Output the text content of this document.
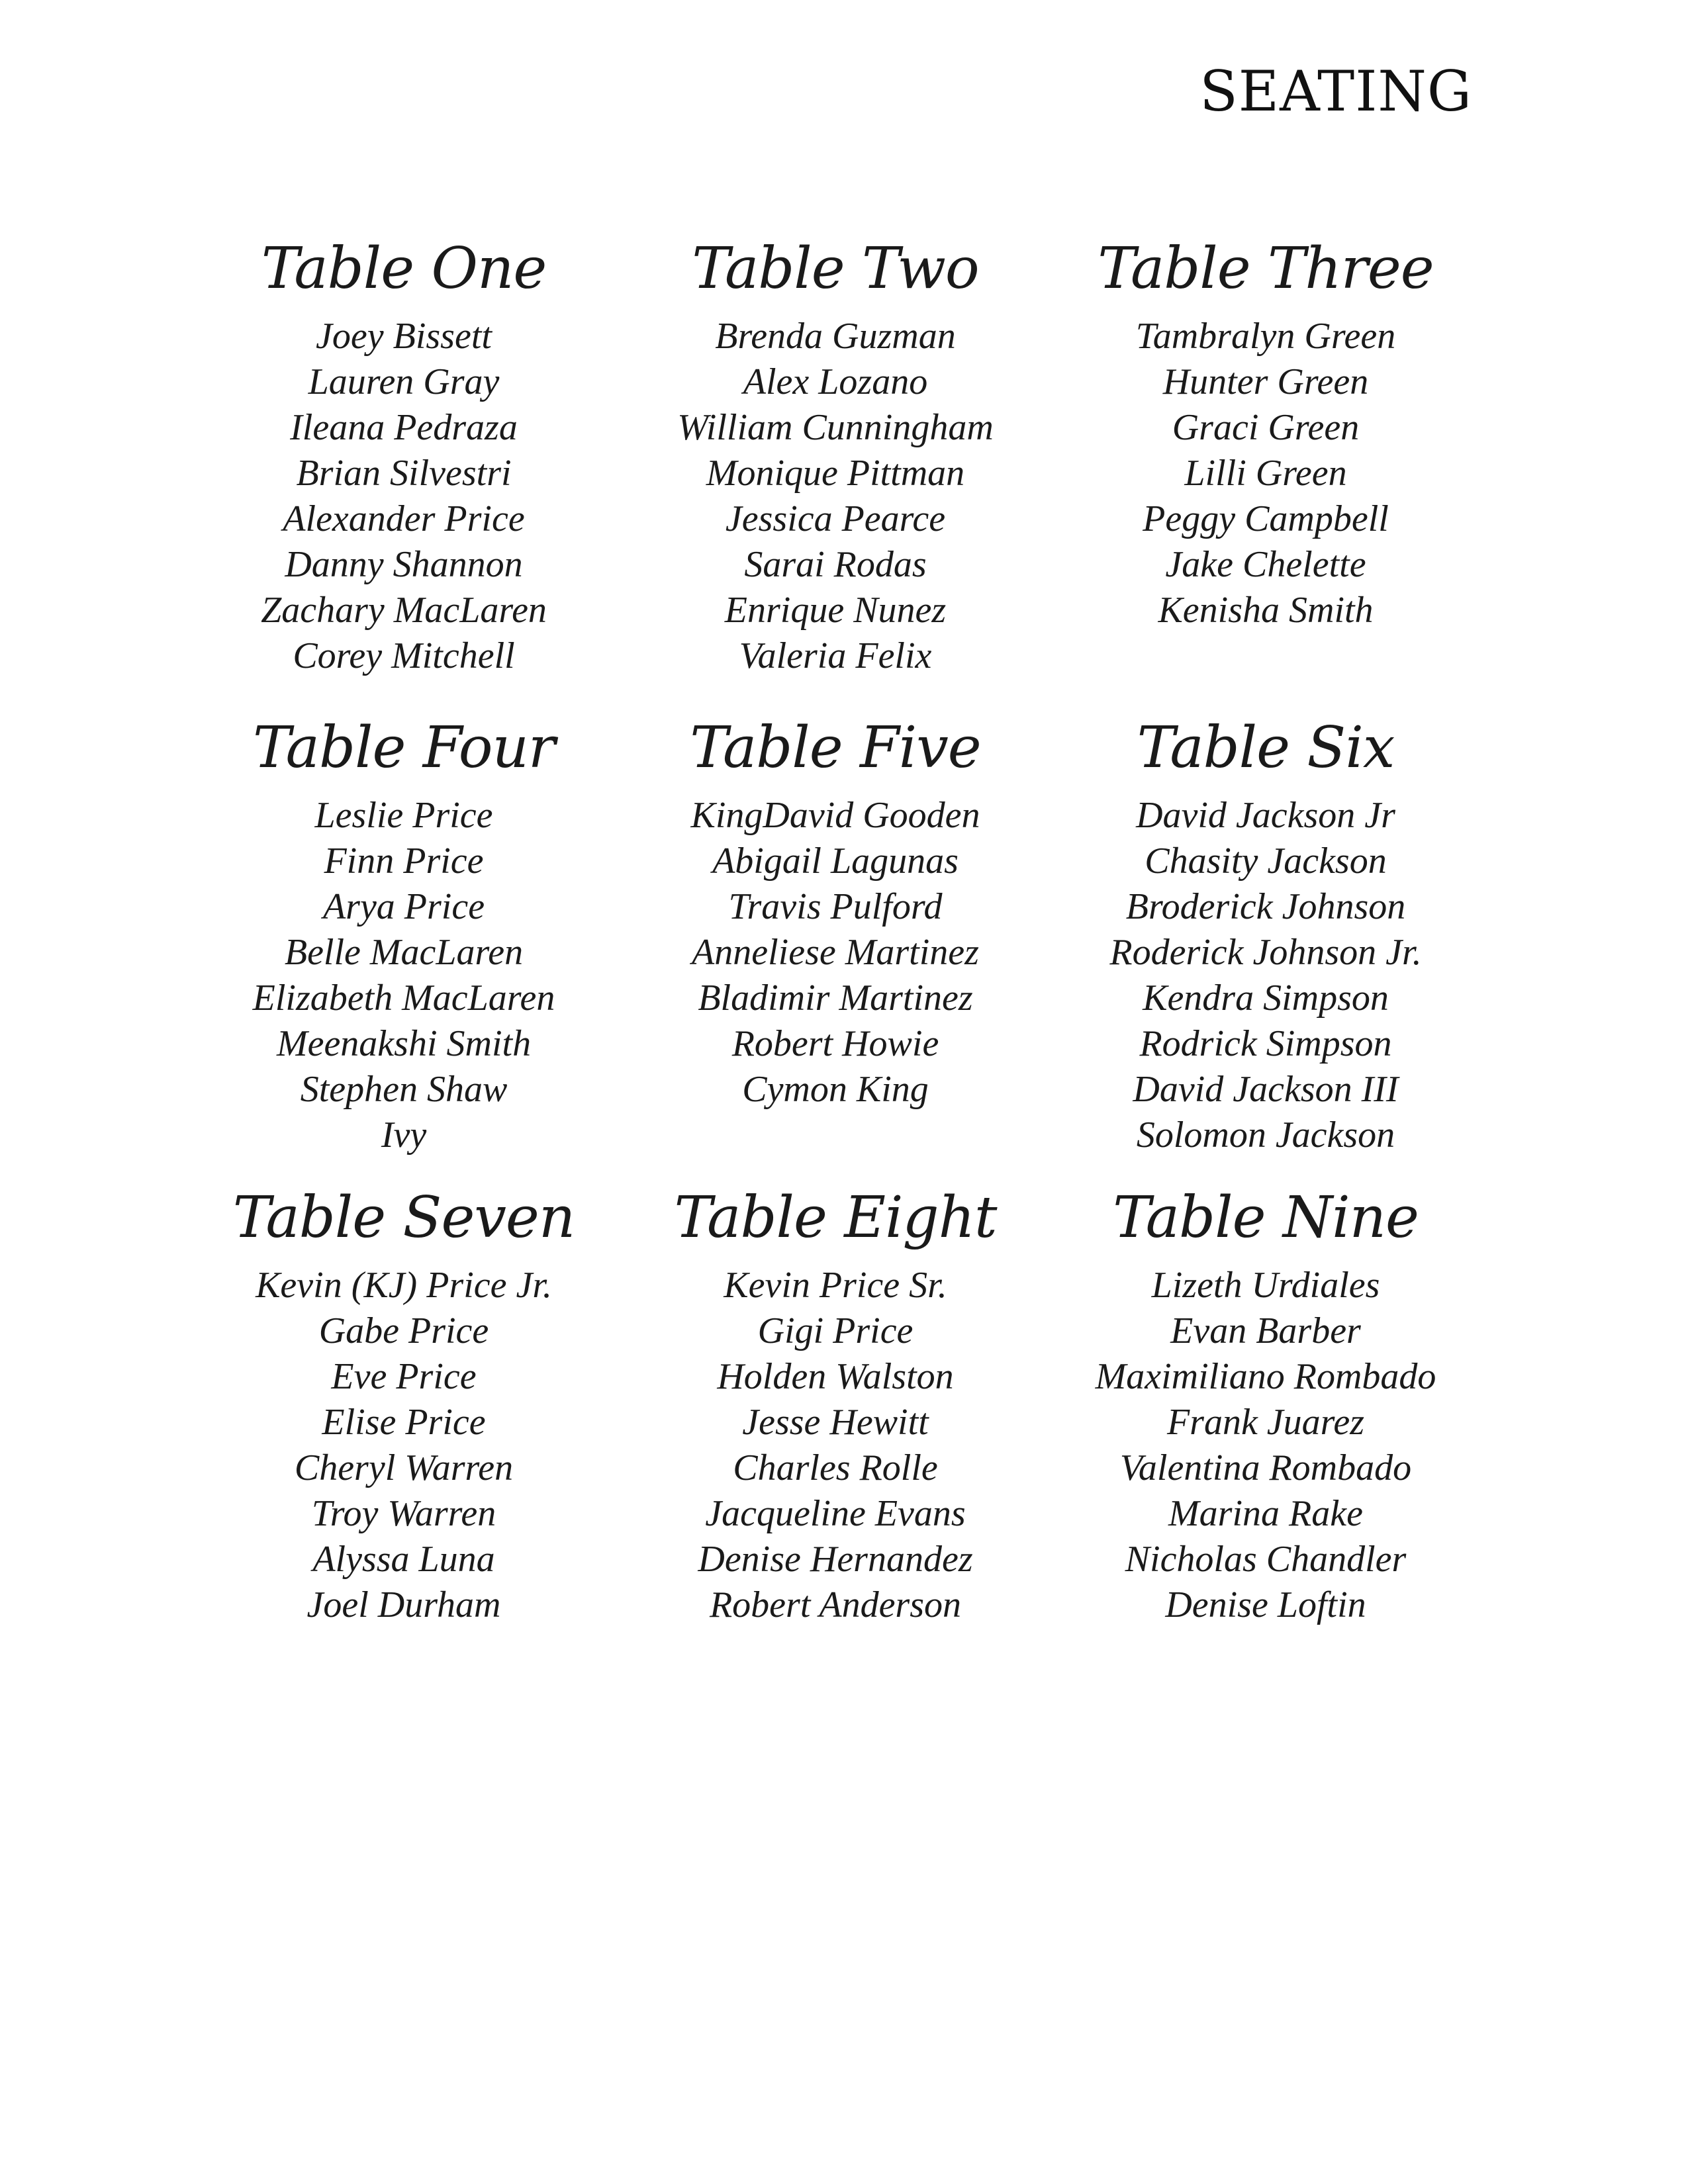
SEATING
Table One
Joey Bissett
Lauren Gray
Ileana Pedraza
Brian Silvestri
Alexander Price
Danny Shannon
Zachary MacLaren
Corey Mitchell
Table Two
Brenda Guzman
Alex Lozano
William Cunningham
Monique Pittman
Jessica Pearce
Sarai Rodas
Enrique Nunez
Valeria Felix
Table Three
Tambralyn Green
Hunter Green
Graci Green
Lilli Green
Peggy Campbell
Jake Chelette
Kenisha Smith
Table Four
Leslie Price
Finn Price
Arya Price
Belle MacLaren
Elizabeth MacLaren
Meenakshi Smith
Stephen Shaw
Ivy
Table Five
KingDavid Gooden
Abigail Lagunas
Travis Pulford
Anneliese Martinez
Bladimir Martinez
Robert Howie
Cymon King
Table Six
David Jackson Jr
Chasity Jackson
Broderick Johnson
Roderick Johnson Jr.
Kendra Simpson
Rodrick Simpson
David Jackson III
Solomon Jackson
Table Seven
Kevin (KJ) Price Jr.
Gabe Price
Eve Price
Elise Price
Cheryl Warren
Troy Warren
Alyssa Luna
Joel Durham
Table Eight
Kevin Price Sr.
Gigi Price
Holden Walston
Jesse Hewitt
Charles Rolle
Jacqueline Evans
Denise Hernandez
Robert Anderson
Table Nine
Lizeth Urdiales
Evan Barber
Maximiliano Rombado
Frank Juarez
Valentina Rombado
Marina Rake
Nicholas Chandler
Denise Loftin
